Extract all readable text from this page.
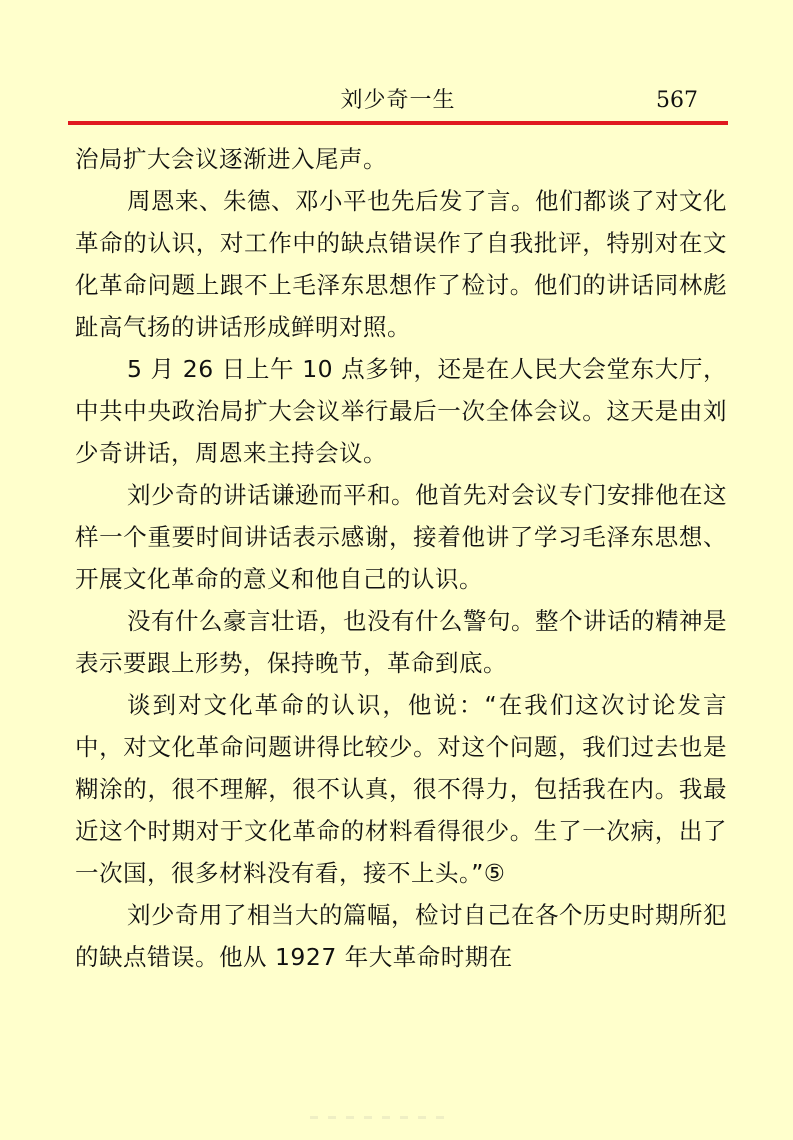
刘少奇一生	567

治局扩大会议逐渐进入尾声。

周恩来、朱德、邓小平也先后发了言。他们都谈了对文化革命的认识，对工作中的缺点错误作了自我批评，特别对在文化革命问题上跟不上毛泽东思想作了检讨。他们的讲话同林彪趾高气扬的讲话形成鲜明对照。

5 月 26 日上午 10 点多钟，还是在人民大会堂东大厅，中共中央政治局扩大会议举行最后一次全体会议。这天是由刘少奇讲话，周恩来主持会议。

刘少奇的讲话谦逊而平和。他首先对会议专门安排他在这样一个重要时间讲话表示感谢，接着他讲了学习毛泽东思想、开展文化革命的意义和他自己的认识。

没有什么豪言壮语，也没有什么警句。整个讲话的精神是表示要跟上形势，保持晚节，革命到底。

谈到对文化革命的认识，他说：“在我们这次讨论发言中，对文化革命问题讲得比较少。对这个问题，我们过去也是糊涂的，很不理解，很不认真，很不得力，包括我在内。我最近这个时期对于文化革命的材料看得很少。生了一次病，出了一次国，很多材料没有看，接不上头。”⑤

刘少奇用了相当大的篇幅，检讨自己在各个历史时期所犯的缺点错误。他从 1927 年大革命时期在
